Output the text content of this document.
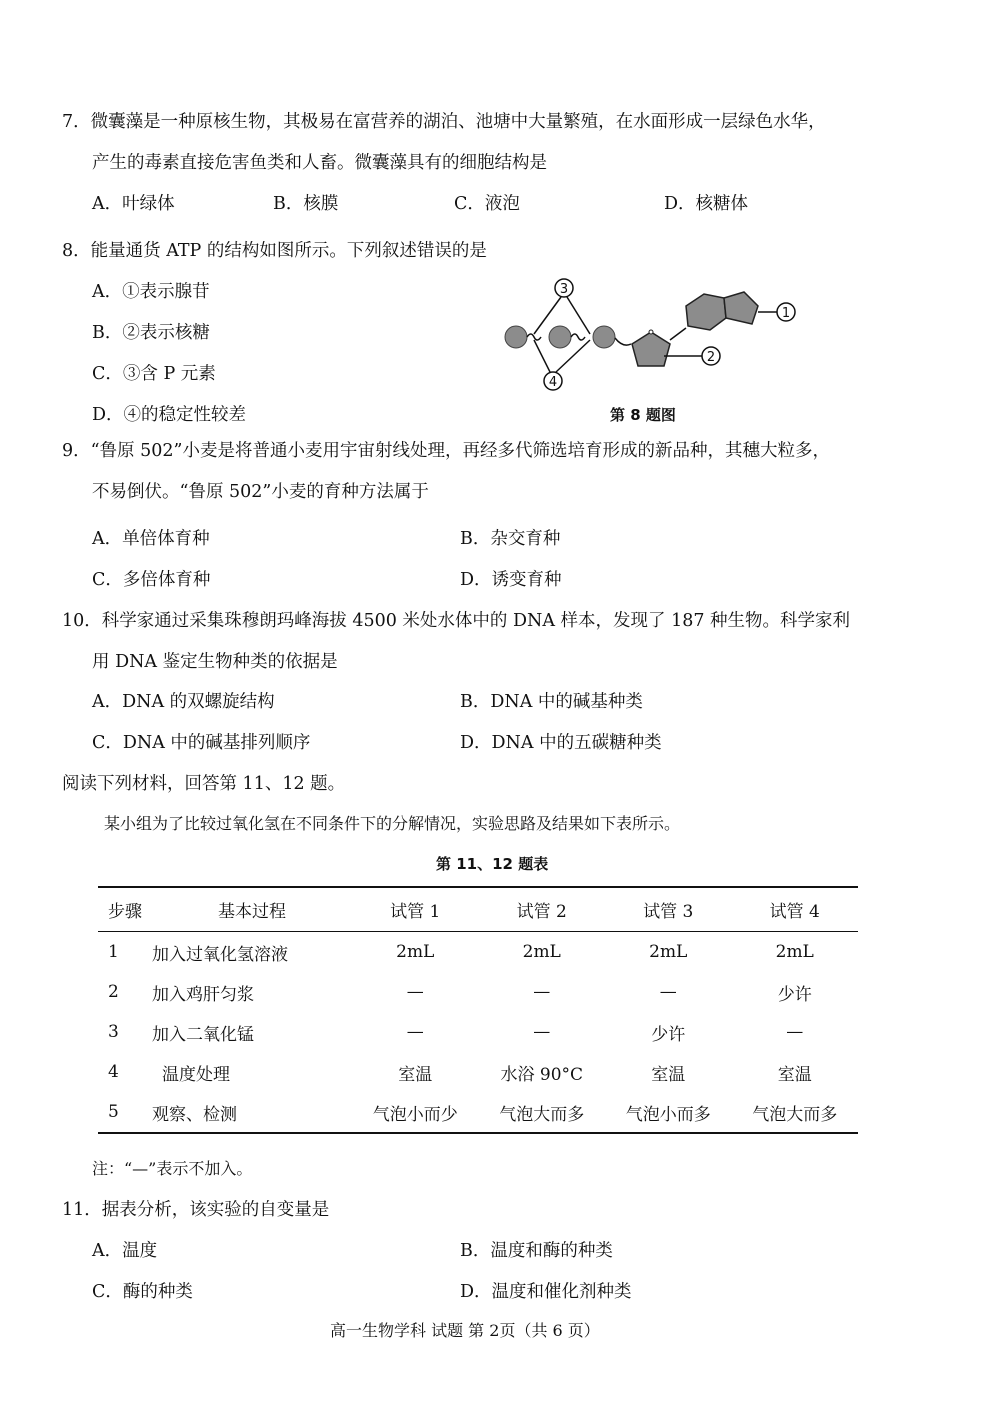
7．微囊藻是一种原核生物，其极易在富营养的湖泊、池塘中大量繁殖，在水面形成一层绿色水华，
产生的毒素直接危害鱼类和人畜。微囊藻具有的细胞结构是
A．叶绿体	B．核膜	C．液泡	D．核糖体
8．能量通货 ATP 的结构如图所示。下列叙述错误的是
A．①表示腺苷
B．②表示核糖
C．③含 P 元素
D．④的稳定性较差
3
4
2
1
第 8 题图
9．“鲁原 502”小麦是将普通小麦用宇宙射线处理，再经多代筛选培育形成的新品种，其穗大粒多，
不易倒伏。“鲁原 502”小麦的育种方法属于
A．单倍体育种	B．杂交育种
C．多倍体育种	D．诱变育种
10．科学家通过采集珠穆朗玛峰海拔 4500 米处水体中的 DNA 样本，发现了 187 种生物。科学家利
用 DNA 鉴定生物种类的依据是
A．DNA 的双螺旋结构	B．DNA 中的碱基种类
C．DNA 中的碱基排列顺序	D．DNA 中的五碳糖种类
阅读下列材料，回答第 11、12 题。
某小组为了比较过氧化氢在不同条件下的分解情况，实验思路及结果如下表所示。
第 11、12 题表
步骤	基本过程	试管 1	试管 2	试管 3	试管 4
1	加入过氧化氢溶液	2mL	2mL	2mL	2mL
2	加入鸡肝匀浆	—	—	—	少许
3	加入二氧化锰	—	—	少许	—
4	温度处理	室温	水浴 90°C	室温	室温
5	观察、检测	气泡小而少	气泡大而多	气泡小而多	气泡大而多
注：“—”表示不加入。
11．据表分析，该实验的自变量是
A．温度	B．温度和酶的种类
C．酶的种类	D．温度和催化剂种类
高一生物学科 试题 第 2页（共 6 页）
